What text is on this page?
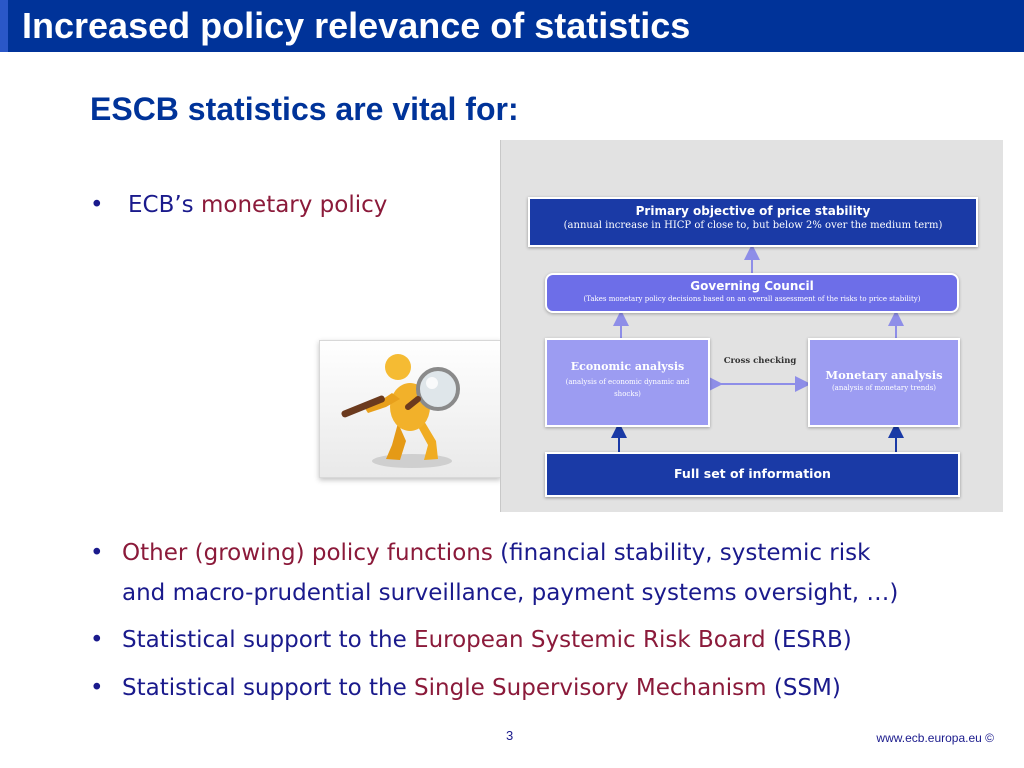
Increased policy relevance of statistics
ESCB statistics are vital for:
• ECB’s monetary policy	Primary objective of price stability
(annual increase in HICP of close to, but below 2% over the medium term)
Governing Council
(Takes monetary policy decisions based on an overall assessment of the risks to price stability)
Economic analysis
(analysis of economic dynamic and shocks)
Cross checking
Monetary analysis
(analysis of monetary trends)
Full set of information
• Other (growing) policy functions (financial stability, systemic risk
and macro-prudential surveillance, payment systems oversight, …)
• Statistical support to the European Systemic Risk Board (ESRB)
• Statistical support to the Single Supervisory Mechanism (SSM)
3	www.ecb.europa.eu ©
